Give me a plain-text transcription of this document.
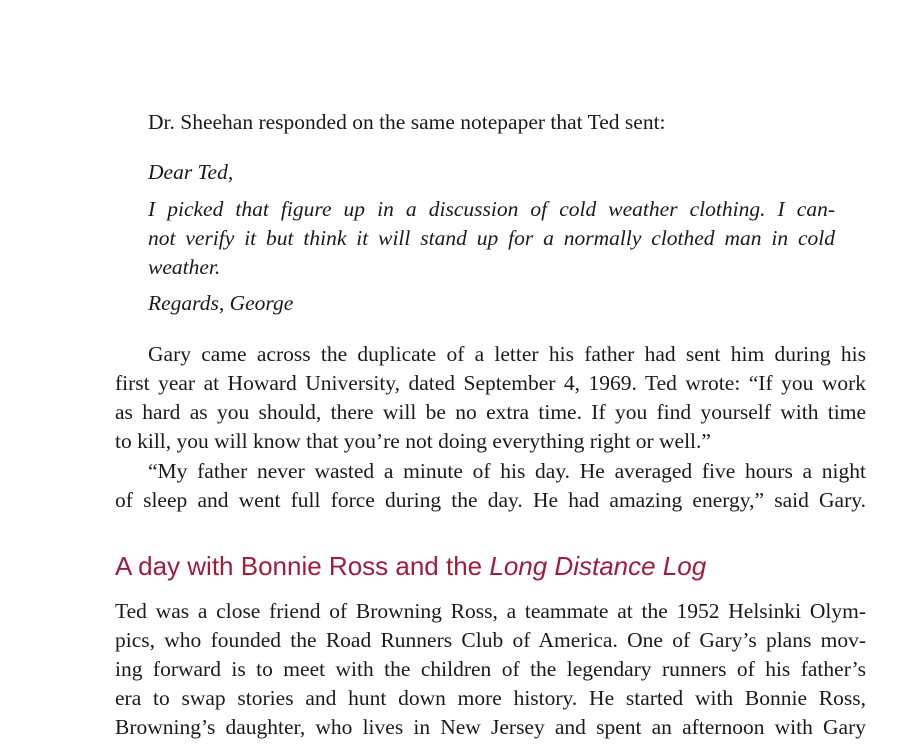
Dr. Sheehan responded on the same notepaper that Ted sent:
Dear Ted,
I picked that figure up in a discussion of cold weather clothing. I can-
not verify it but think it will stand up for a normally clothed man in cold
weather.
Regards, George
Gary came across the duplicate of a letter his father had sent him during his
first year at Howard University, dated September 4, 1969. Ted wrote: “If you work
as hard as you should, there will be no extra time. If you find yourself with time
to kill, you will know that you’re not doing everything right or well.”
“My father never wasted a minute of his day. He averaged five hours a night
of sleep and went full force during the day. He had amazing energy,” said Gary.
A day with Bonnie Ross and the Long Distance Log
Ted was a close friend of Browning Ross, a teammate at the 1952 Helsinki Olym-
pics, who founded the Road Runners Club of America. One of Gary’s plans mov-
ing forward is to meet with the children of the legendary runners of his father’s
era to swap stories and hunt down more history. He started with Bonnie Ross,
Browning’s daughter, who lives in New Jersey and spent an afternoon with Gary
